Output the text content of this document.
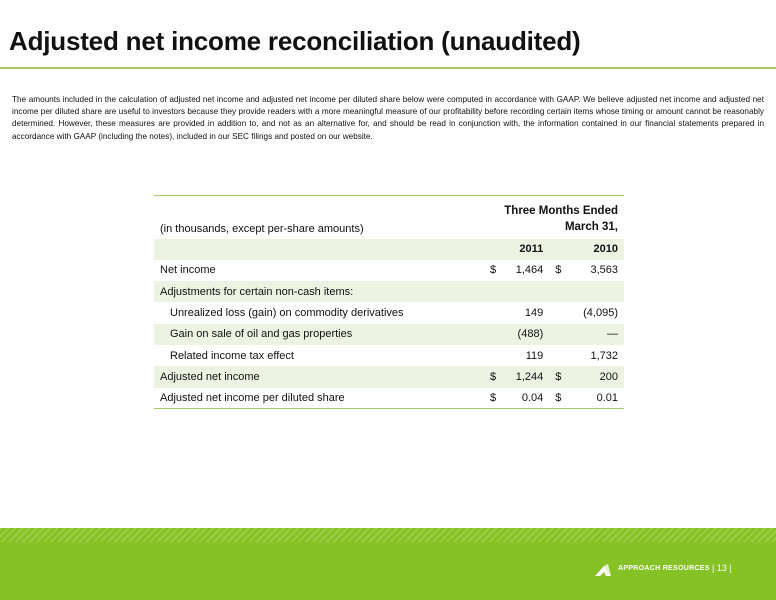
Adjusted net income reconciliation (unaudited)

The amounts included in the calculation of adjusted net income and adjusted net income per diluted share below were computed in accordance with GAAP. We believe adjusted net income and adjusted net income per diluted share are useful to investors because they provide readers with a more meaningful measure of our profitability before recording certain items whose timing or amount cannot be reasonably determined. However, these measures are provided in addition to, and not as an alternative for, and should be read in conjunction with, the information contained in our financial statements prepared in accordance with GAAP (including the notes), included in our SEC filings and posted on our website.

(in thousands, except per-share amounts)	Three Months Ended
March 31,			
		2011		2010
Net income	$	1,464	$	3,563
Adjustments for certain non-cash items:				
Unrealized loss (gain) on commodity derivatives		149		(4,095)
Gain on sale of oil and gas properties		(488)		—
Related income tax effect		119		1,732
Adjusted net income	$	1,244	$	200
Adjusted net income per diluted share	$	0.04	$	0.01
APPROACH RESOURCES | 13 |
